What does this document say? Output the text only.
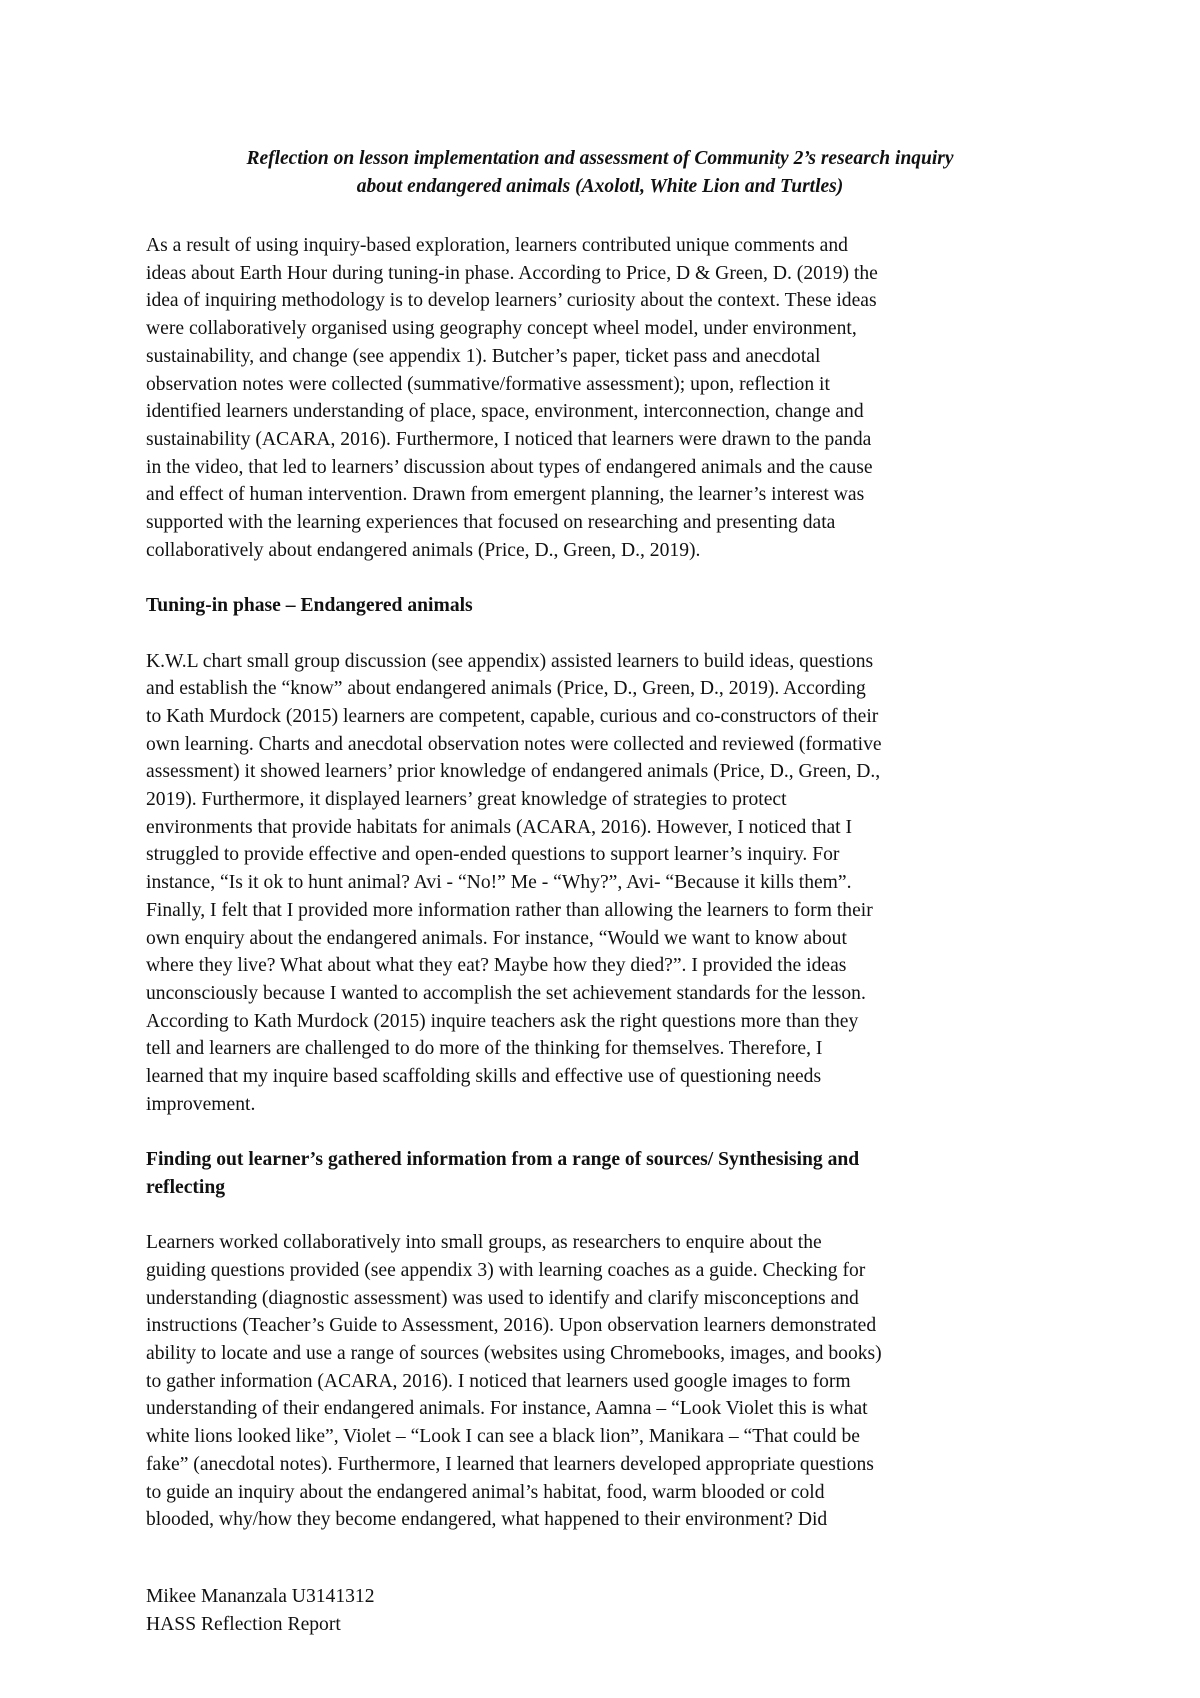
Reflection on lesson implementation and assessment of Community 2’s research inquiry
about endangered animals (Axolotl, White Lion and Turtles)
As a result of using inquiry-based exploration, learners contributed unique comments and
ideas about Earth Hour during tuning-in phase. According to Price, D & Green, D. (2019) the
idea of inquiring methodology is to develop learners’ curiosity about the context. These ideas
were collaboratively organised using geography concept wheel model, under environment,
sustainability, and change (see appendix 1). Butcher’s paper, ticket pass and anecdotal
observation notes were collected (summative/formative assessment); upon, reflection it
identified learners understanding of place, space, environment, interconnection, change and
sustainability (ACARA, 2016). Furthermore, I noticed that learners were drawn to the panda
in the video, that led to learners’ discussion about types of endangered animals and the cause
and effect of human intervention. Drawn from emergent planning, the learner’s interest was
supported with the learning experiences that focused on researching and presenting data
collaboratively about endangered animals (Price, D., Green, D., 2019).
Tuning-in phase – Endangered animals
K.W.L chart small group discussion (see appendix) assisted learners to build ideas, questions
and establish the “know” about endangered animals (Price, D., Green, D., 2019). According
to Kath Murdock (2015) learners are competent, capable, curious and co-constructors of their
own learning. Charts and anecdotal observation notes were collected and reviewed (formative
assessment) it showed learners’ prior knowledge of endangered animals (Price, D., Green, D.,
2019). Furthermore, it displayed learners’ great knowledge of strategies to protect
environments that provide habitats for animals (ACARA, 2016). However, I noticed that I
struggled to provide effective and open-ended questions to support learner’s inquiry. For
instance, “Is it ok to hunt animal? Avi - “No!” Me - “Why?”, Avi- “Because it kills them”.
Finally, I felt that I provided more information rather than allowing the learners to form their
own enquiry about the endangered animals. For instance, “Would we want to know about
where they live? What about what they eat? Maybe how they died?”. I provided the ideas
unconsciously because I wanted to accomplish the set achievement standards for the lesson.
According to Kath Murdock (2015) inquire teachers ask the right questions more than they
tell and learners are challenged to do more of the thinking for themselves. Therefore, I
learned that my inquire based scaffolding skills and effective use of questioning needs
improvement.
Finding out learner’s gathered information from a range of sources/ Synthesising and
reflecting
Learners worked collaboratively into small groups, as researchers to enquire about the
guiding questions provided (see appendix 3) with learning coaches as a guide. Checking for
understanding (diagnostic assessment) was used to identify and clarify misconceptions and
instructions (Teacher’s Guide to Assessment, 2016). Upon observation learners demonstrated
ability to locate and use a range of sources (websites using Chromebooks, images, and books)
to gather information (ACARA, 2016). I noticed that learners used google images to form
understanding of their endangered animals. For instance, Aamna – “Look Violet this is what
white lions looked like”, Violet – “Look I can see a black lion”, Manikara – “That could be
fake” (anecdotal notes). Furthermore, I learned that learners developed appropriate questions
to guide an inquiry about the endangered animal’s habitat, food, warm blooded or cold
blooded, why/how they become endangered, what happened to their environment? Did
Mikee Mananzala U3141312
HASS Reflection Report
